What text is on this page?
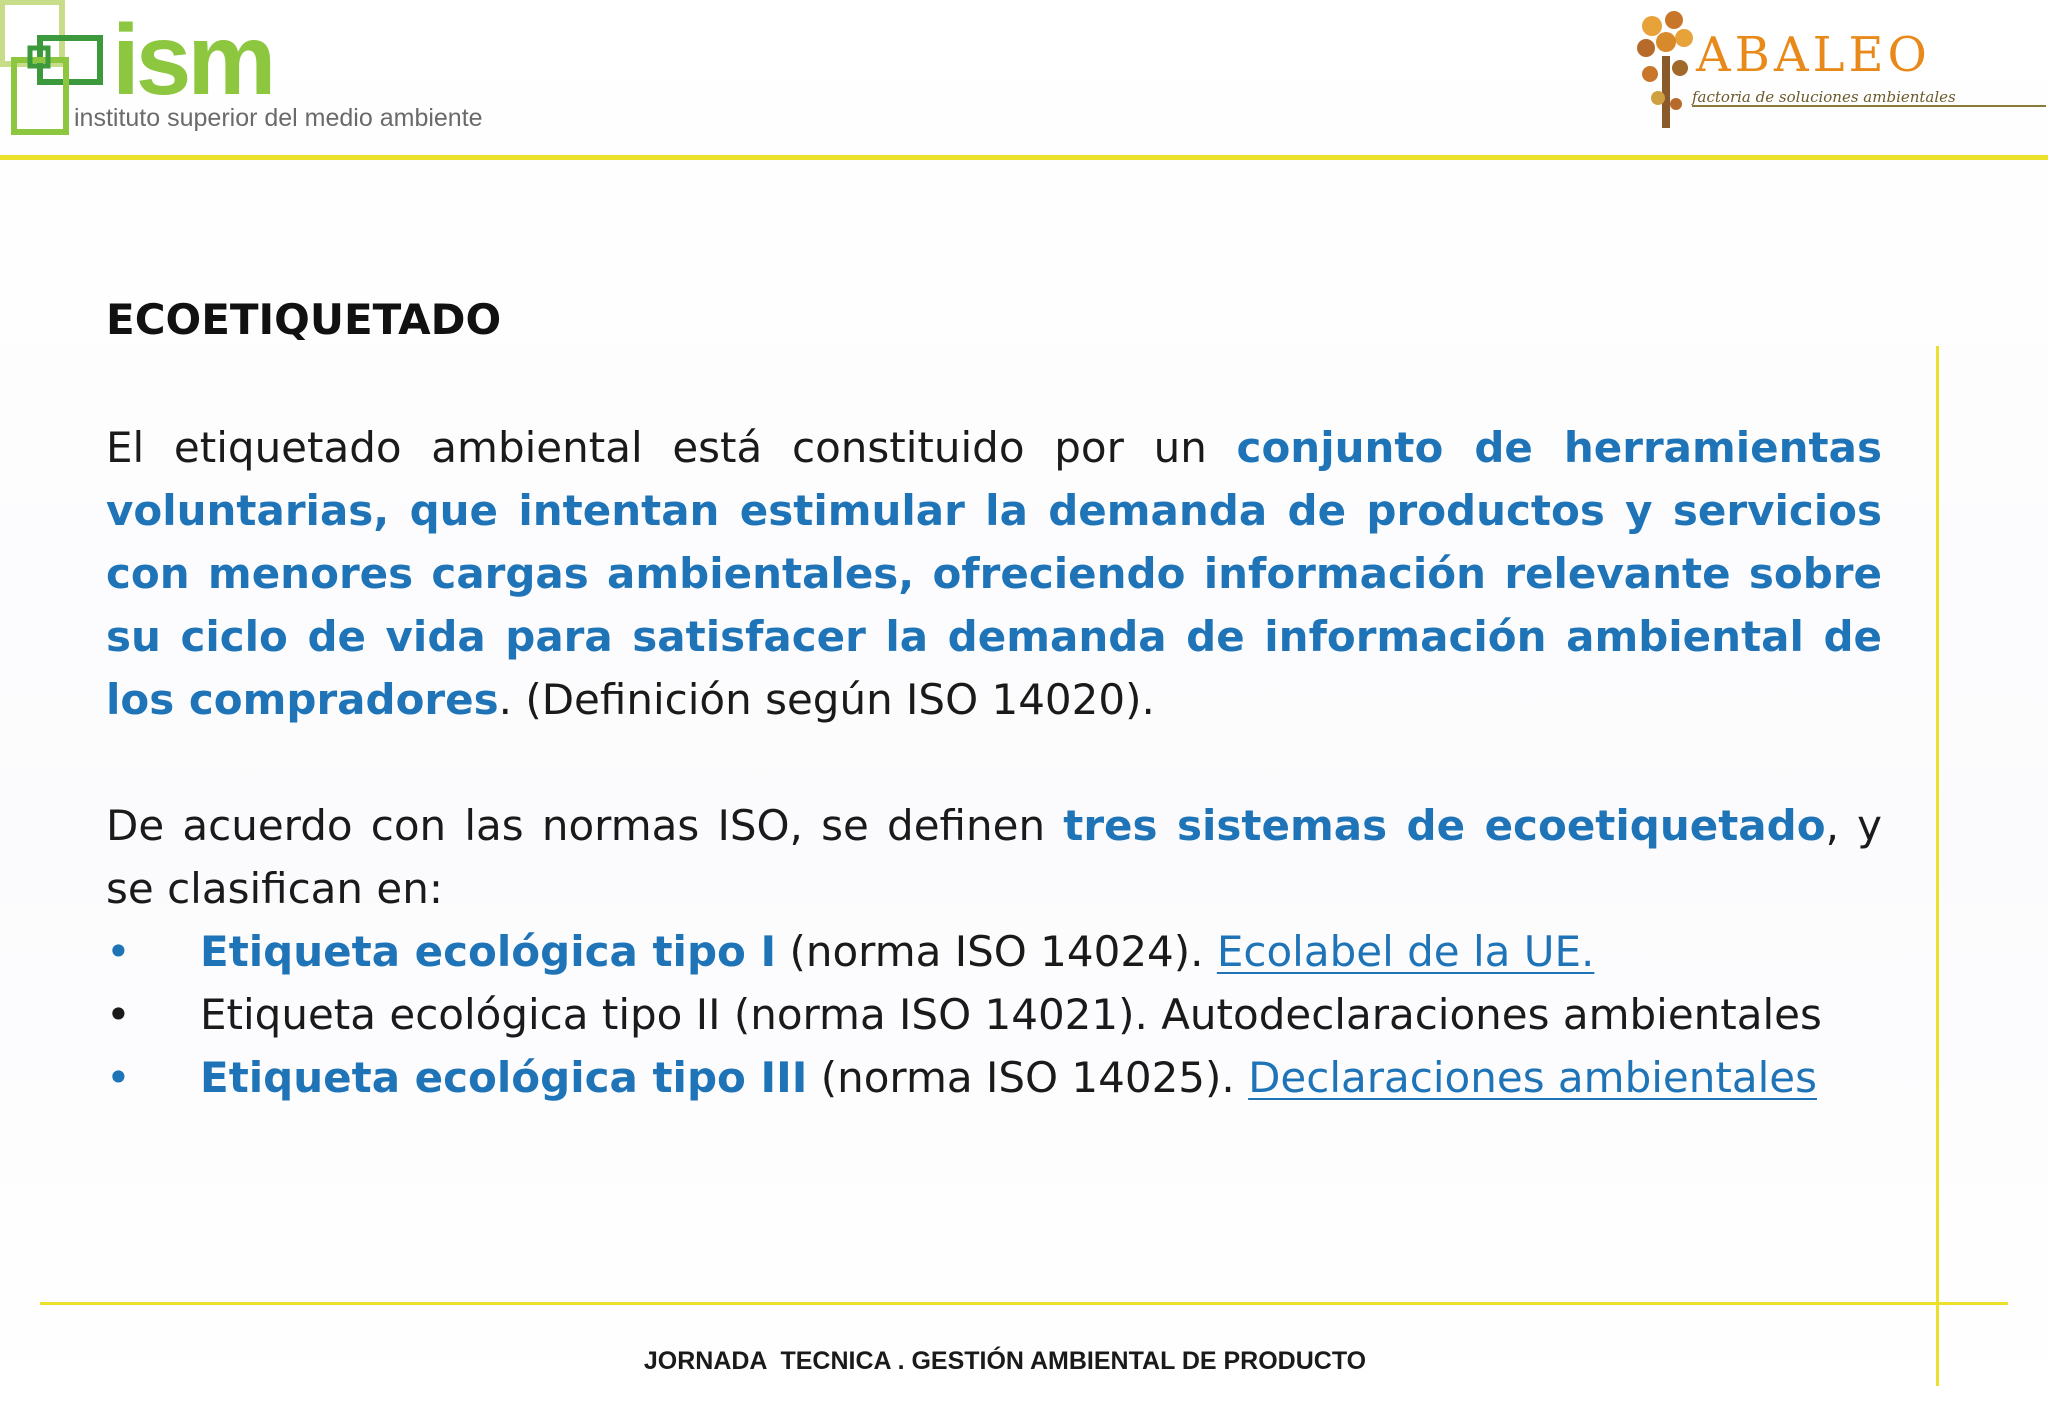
ism
instituto superior del medio ambiente
ABALEO
factoria de soluciones ambientales
ECOETIQUETADO

El etiquetado ambiental está constituido por un conjunto de herramientas voluntarias, que intentan estimular la demanda de productos y servicios con menores cargas ambientales, ofreciendo información relevante sobre su ciclo de vida para satisfacer la demanda de información ambiental de los compradores. (Definición según ISO 14020).

De acuerdo con las normas ISO, se definen tres sistemas de ecoetiquetado, y se clasifican en:

•	Etiqueta ecológica tipo I (norma ISO 14024). Ecolabel de la UE.
•	Etiqueta ecológica tipo II (norma ISO 14021). Autodeclaraciones ambientales
•	Etiqueta ecológica tipo III (norma ISO 14025). Declaraciones ambientales
JORNADA  TECNICA . GESTIÓN AMBIENTAL DE PRODUCTO
